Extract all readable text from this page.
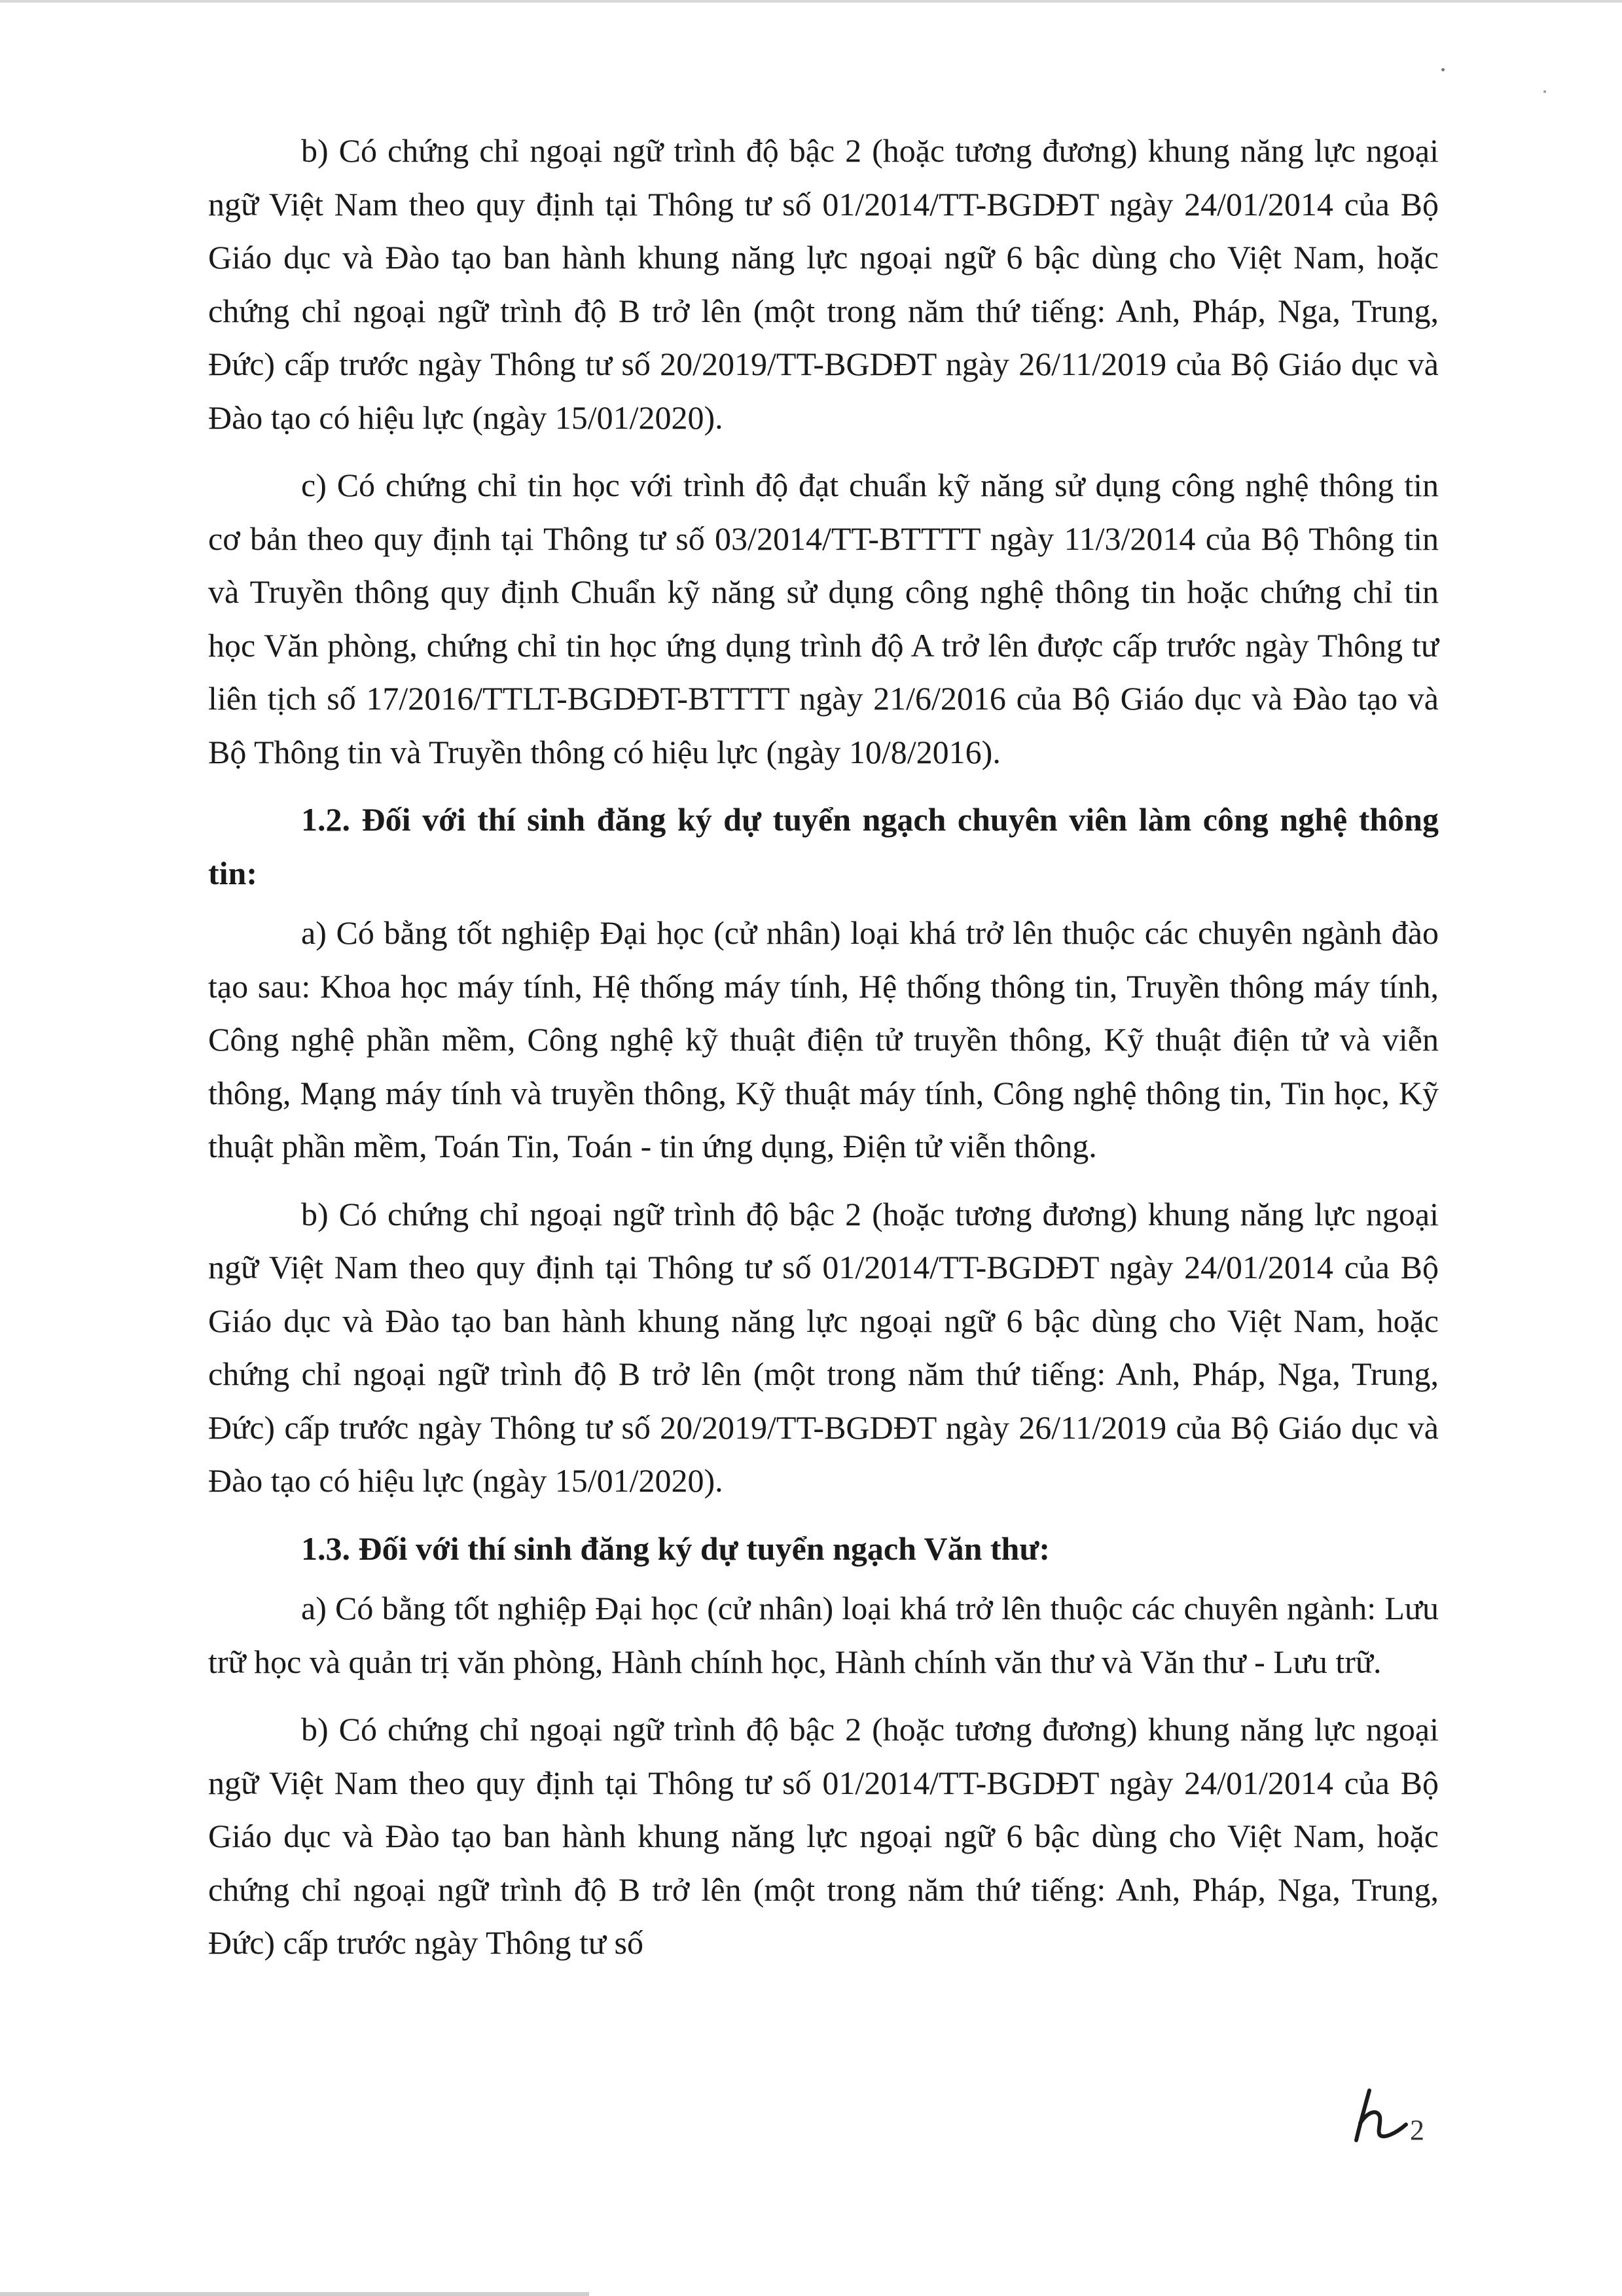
b) Có chứng chỉ ngoại ngữ trình độ bậc 2 (hoặc tương đương) khung năng lực ngoại ngữ Việt Nam theo quy định tại Thông tư số 01/2014/TT-BGDĐT ngày 24/01/2014 của Bộ Giáo dục và Đào tạo ban hành khung năng lực ngoại ngữ 6 bậc dùng cho Việt Nam, hoặc chứng chỉ ngoại ngữ trình độ B trở lên (một trong năm thứ tiếng: Anh, Pháp, Nga, Trung, Đức) cấp trước ngày Thông tư số 20/2019/TT-BGDĐT ngày 26/11/2019 của Bộ Giáo dục và Đào tạo có hiệu lực (ngày 15/01/2020).

c) Có chứng chỉ tin học với trình độ đạt chuẩn kỹ năng sử dụng công nghệ thông tin cơ bản theo quy định tại Thông tư số 03/2014/TT-BTTTT ngày 11/3/2014 của Bộ Thông tin và Truyền thông quy định Chuẩn kỹ năng sử dụng công nghệ thông tin hoặc chứng chỉ tin học Văn phòng, chứng chỉ tin học ứng dụng trình độ A trở lên được cấp trước ngày Thông tư liên tịch số 17/2016/TTLT-BGDĐT-BTTTT ngày 21/6/2016 của Bộ Giáo dục và Đào tạo và Bộ Thông tin và Truyền thông có hiệu lực (ngày 10/8/2016).

1.2. Đối với thí sinh đăng ký dự tuyển ngạch chuyên viên làm công nghệ thông tin:

a) Có bằng tốt nghiệp Đại học (cử nhân) loại khá trở lên thuộc các chuyên ngành đào tạo sau: Khoa học máy tính, Hệ thống máy tính, Hệ thống thông tin, Truyền thông máy tính, Công nghệ phần mềm, Công nghệ kỹ thuật điện tử truyền thông, Kỹ thuật điện tử và viễn thông, Mạng máy tính và truyền thông, Kỹ thuật máy tính, Công nghệ thông tin, Tin học, Kỹ thuật phần mềm, Toán Tin, Toán - tin ứng dụng, Điện tử viễn thông.

b) Có chứng chỉ ngoại ngữ trình độ bậc 2 (hoặc tương đương) khung năng lực ngoại ngữ Việt Nam theo quy định tại Thông tư số 01/2014/TT-BGDĐT ngày 24/01/2014 của Bộ Giáo dục và Đào tạo ban hành khung năng lực ngoại ngữ 6 bậc dùng cho Việt Nam, hoặc chứng chỉ ngoại ngữ trình độ B trở lên (một trong năm thứ tiếng: Anh, Pháp, Nga, Trung, Đức) cấp trước ngày Thông tư số 20/2019/TT-BGDĐT ngày 26/11/2019 của Bộ Giáo dục và Đào tạo có hiệu lực (ngày 15/01/2020).

1.3. Đối với thí sinh đăng ký dự tuyển ngạch Văn thư:

a) Có bằng tốt nghiệp Đại học (cử nhân) loại khá trở lên thuộc các chuyên ngành: Lưu trữ học và quản trị văn phòng, Hành chính học, Hành chính văn thư và Văn thư - Lưu trữ.

b) Có chứng chỉ ngoại ngữ trình độ bậc 2 (hoặc tương đương) khung năng lực ngoại ngữ Việt Nam theo quy định tại Thông tư số 01/2014/TT-BGDĐT ngày 24/01/2014 của Bộ Giáo dục và Đào tạo ban hành khung năng lực ngoại ngữ 6 bậc dùng cho Việt Nam, hoặc chứng chỉ ngoại ngữ trình độ B trở lên (một trong năm thứ tiếng: Anh, Pháp, Nga, Trung, Đức) cấp trước ngày Thông tư số

2
